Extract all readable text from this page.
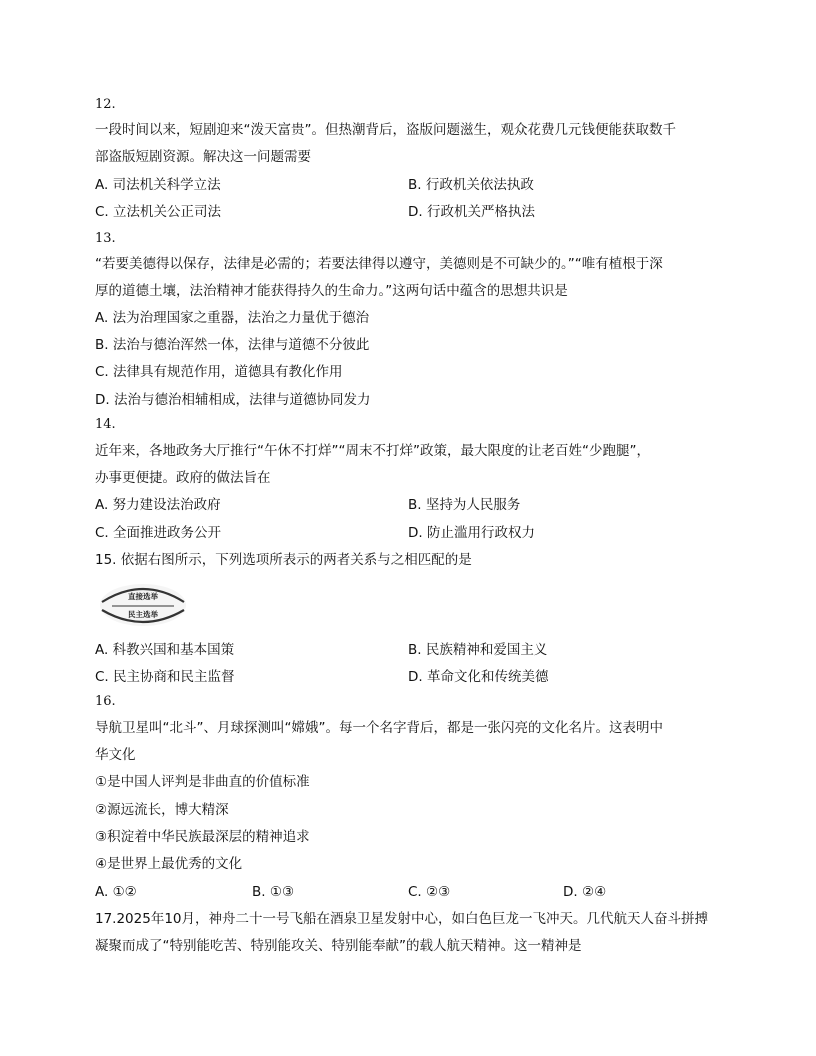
12.
一段时间以来，短剧迎来“泼天富贵”。但热潮背后，盗版问题滋生，观众花费几元钱便能获取数千
部盗版短剧资源。解决这一问题需要
A. 司法机关科学立法	B. 行政机关依法执政
C. 立法机关公正司法	D. 行政机关严格执法
13.
“若要美德得以保存，法律是必需的；若要法律得以遵守，美德则是不可缺少的。”“唯有植根于深
厚的道德土壤，法治精神才能获得持久的生命力。”这两句话中蕴含的思想共识是
A. 法为治理国家之重器，法治之力量优于德治
B. 法治与德治浑然一体，法律与道德不分彼此
C. 法律具有规范作用，道德具有教化作用
D. 法治与德治相辅相成，法律与道德协同发力
14.
近年来，各地政务大厅推行“午休不打烊”“周末不打烊”政策，最大限度的让老百姓“少跑腿”，
办事更便捷。政府的做法旨在
A. 努力建设法治政府	B. 坚持为人民服务
C. 全面推进政务公开	D. 防止滥用行政权力
15. 依据右图所示，下列选项所表示的两者关系与之相匹配的是
直接选举
民主选举
A. 科教兴国和基本国策	B. 民族精神和爱国主义
C. 民主协商和民主监督	D. 革命文化和传统美德
16.
导航卫星叫“北斗”、月球探测叫“嫦娥”。每一个名字背后，都是一张闪亮的文化名片。这表明中
华文化
①是中国人评判是非曲直的价值标准
②源远流长，博大精深
③积淀着中华民族最深层的精神追求
④是世界上最优秀的文化
A. ①②	B. ①③	C. ②③	D. ②④
17.2025年10月，神舟二十一号飞船在酒泉卫星发射中心，如白色巨龙一飞冲天。几代航天人奋斗拼搏
凝聚而成了“特别能吃苦、特别能攻关、特别能奉献”的载人航天精神。这一精神是
